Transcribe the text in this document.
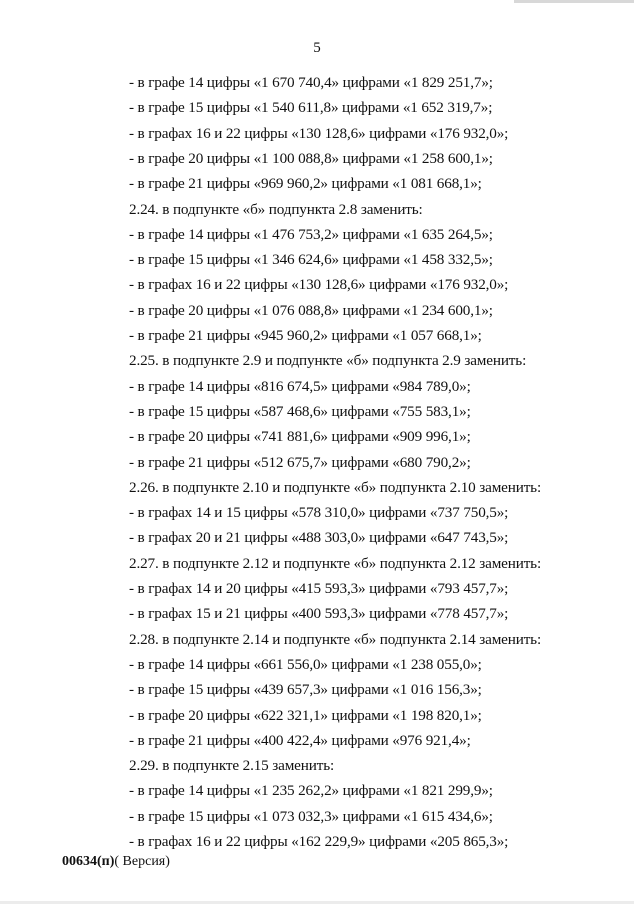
5
- в графе 14 цифры «1 670 740,4» цифрами «1 829 251,7»;
- в графе 15 цифры «1 540 611,8» цифрами «1 652 319,7»;
- в графах 16 и 22 цифры «130 128,6» цифрами «176 932,0»;
- в графе 20 цифры «1 100 088,8» цифрами «1 258 600,1»;
- в графе 21 цифры «969 960,2» цифрами «1 081 668,1»;
2.24. в подпункте «б» подпункта 2.8 заменить:
- в графе 14 цифры «1 476 753,2» цифрами «1 635 264,5»;
- в графе 15 цифры «1 346 624,6» цифрами «1 458 332,5»;
- в графах 16 и 22 цифры «130 128,6» цифрами «176 932,0»;
- в графе 20 цифры «1 076 088,8» цифрами «1 234 600,1»;
- в графе 21 цифры «945 960,2» цифрами «1 057 668,1»;
2.25. в подпункте 2.9 и подпункте «б» подпункта 2.9 заменить:
- в графе 14 цифры «816 674,5» цифрами «984 789,0»;
- в графе 15 цифры «587 468,6» цифрами «755 583,1»;
- в графе 20 цифры «741 881,6» цифрами «909 996,1»;
- в графе 21 цифры «512 675,7» цифрами «680 790,2»;
2.26. в подпункте 2.10 и подпункте «б» подпункта 2.10 заменить:
- в графах 14 и 15 цифры «578 310,0» цифрами «737 750,5»;
- в графах 20 и 21 цифры «488 303,0» цифрами «647 743,5»;
2.27. в подпункте 2.12 и подпункте «б» подпункта 2.12 заменить:
- в графах 14 и 20 цифры «415 593,3» цифрами «793 457,7»;
- в графах 15 и 21 цифры «400 593,3» цифрами «778 457,7»;
2.28. в подпункте 2.14 и подпункте «б» подпункта 2.14 заменить:
- в графе 14 цифры «661 556,0» цифрами «1 238 055,0»;
- в графе 15 цифры «439 657,3» цифрами «1 016 156,3»;
- в графе 20 цифры «622 321,1» цифрами «1 198 820,1»;
- в графе 21 цифры «400 422,4» цифрами «976 921,4»;
2.29. в подпункте 2.15 заменить:
- в графе 14 цифры «1 235 262,2» цифрами «1 821 299,9»;
- в графе 15 цифры «1 073 032,3» цифрами «1 615 434,6»;
- в графах 16 и 22 цифры «162 229,9» цифрами «205 865,3»;
00634(п)( Версия)
